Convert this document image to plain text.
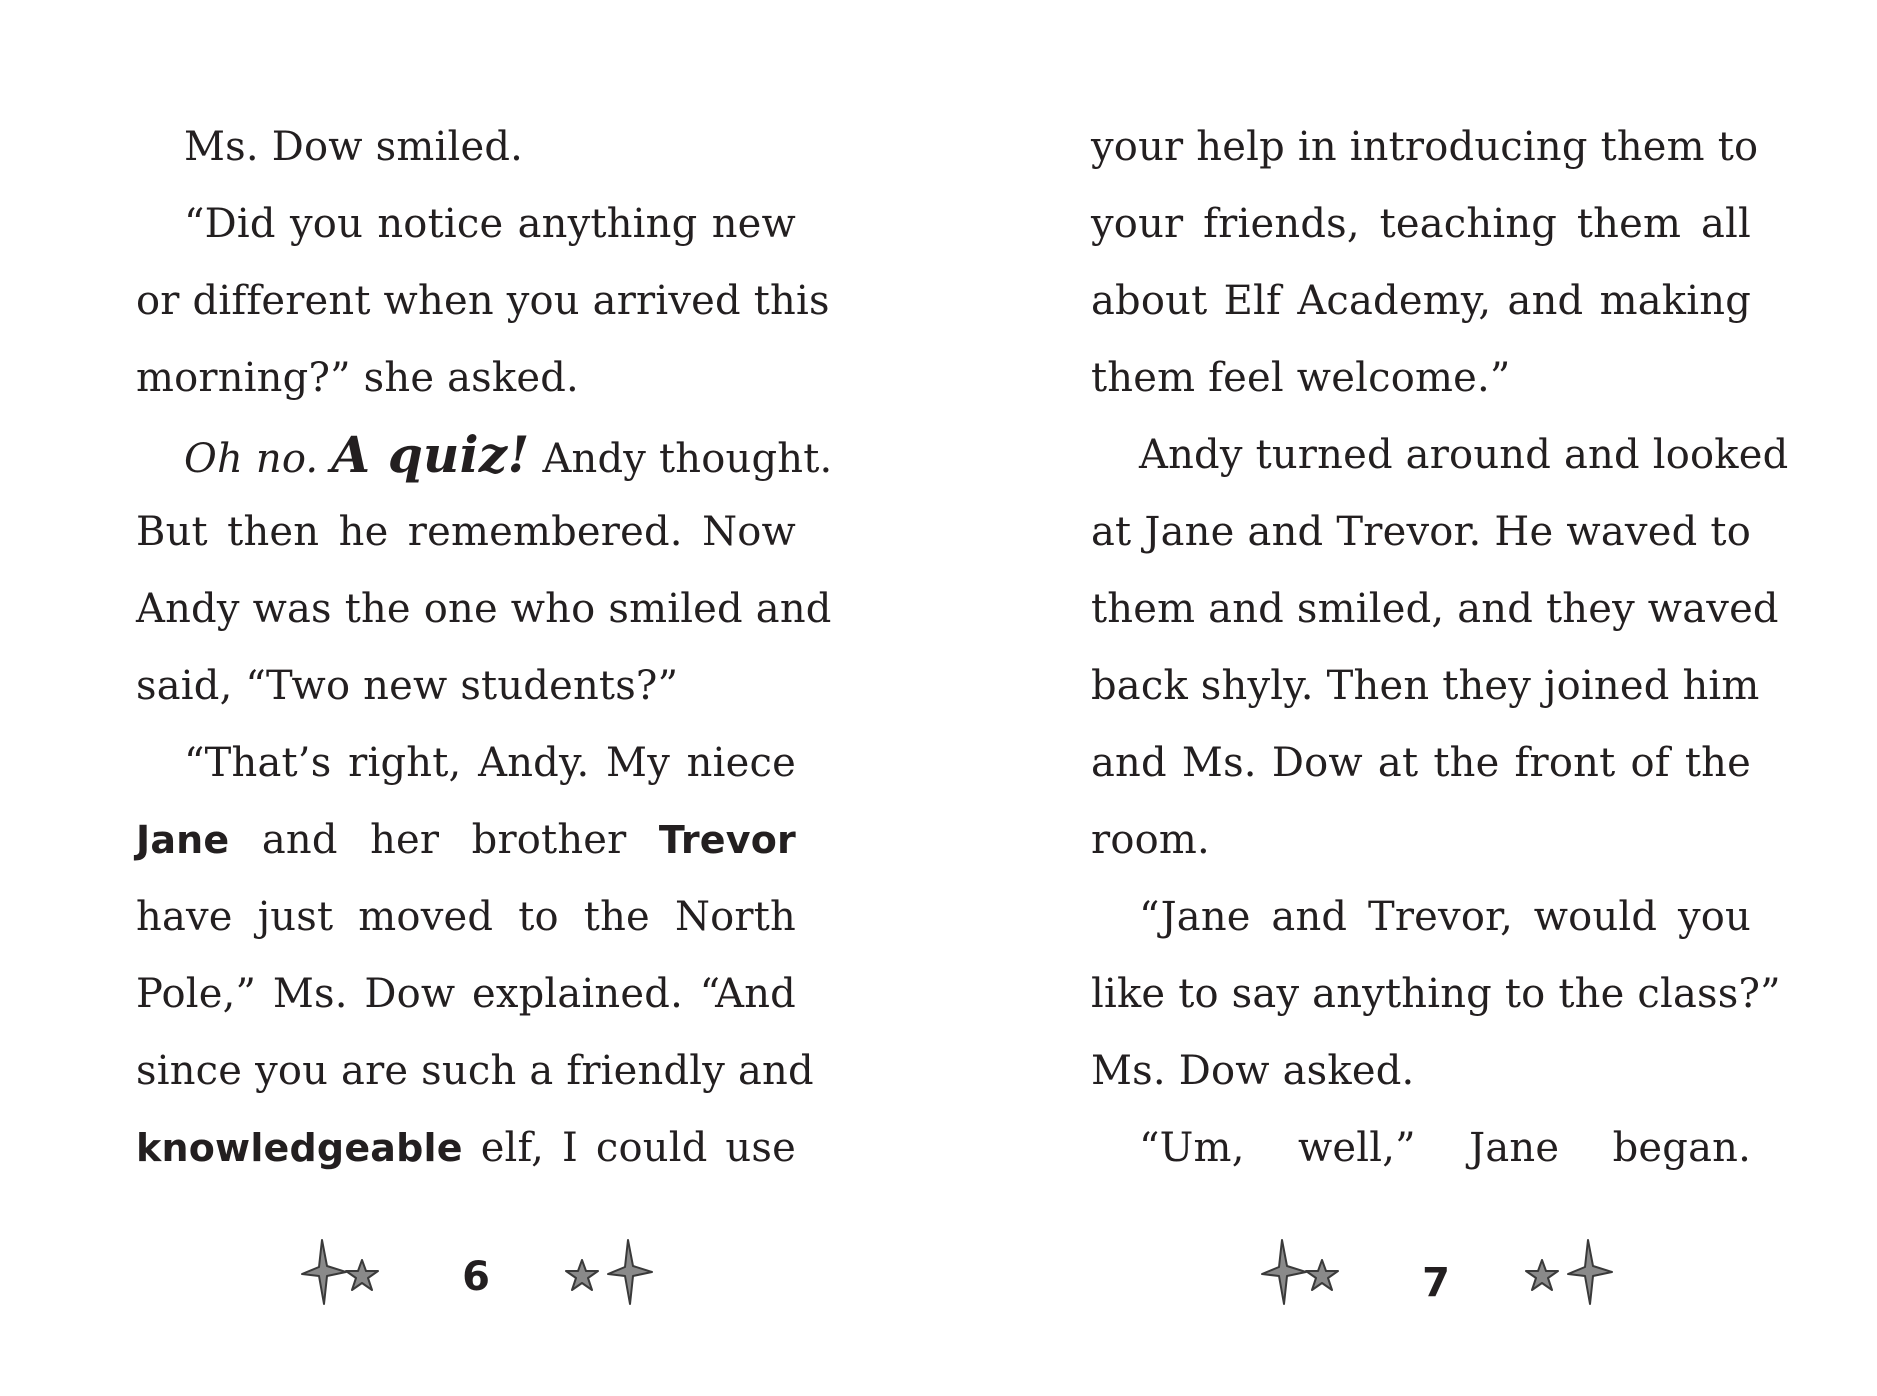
Ms. Dow smiled.
“Did you notice anything new
or different when you arrived this
morning?” she asked.
Oh no. A quiz! Andy thought.
But then he remembered. Now
Andy was the one who smiled and
said, “Two new students?”
“That’s right, Andy. My niece
Jane and her brother Trevor
have just moved to the North
Pole,” Ms. Dow explained. “And
since you are such a friendly and
knowledgeable elf, I could use
your help in introducing them to
your friends, teaching them all
about Elf Academy, and making
them feel welcome.”
Andy turned around and looked
at Jane and Trevor. He waved to
them and smiled, and they waved
back shyly. Then they joined him
and Ms. Dow at the front of the
room.
“Jane and Trevor, would you
like to say anything to the class?”
Ms. Dow asked.
“Um, well,” Jane began.
6	7
